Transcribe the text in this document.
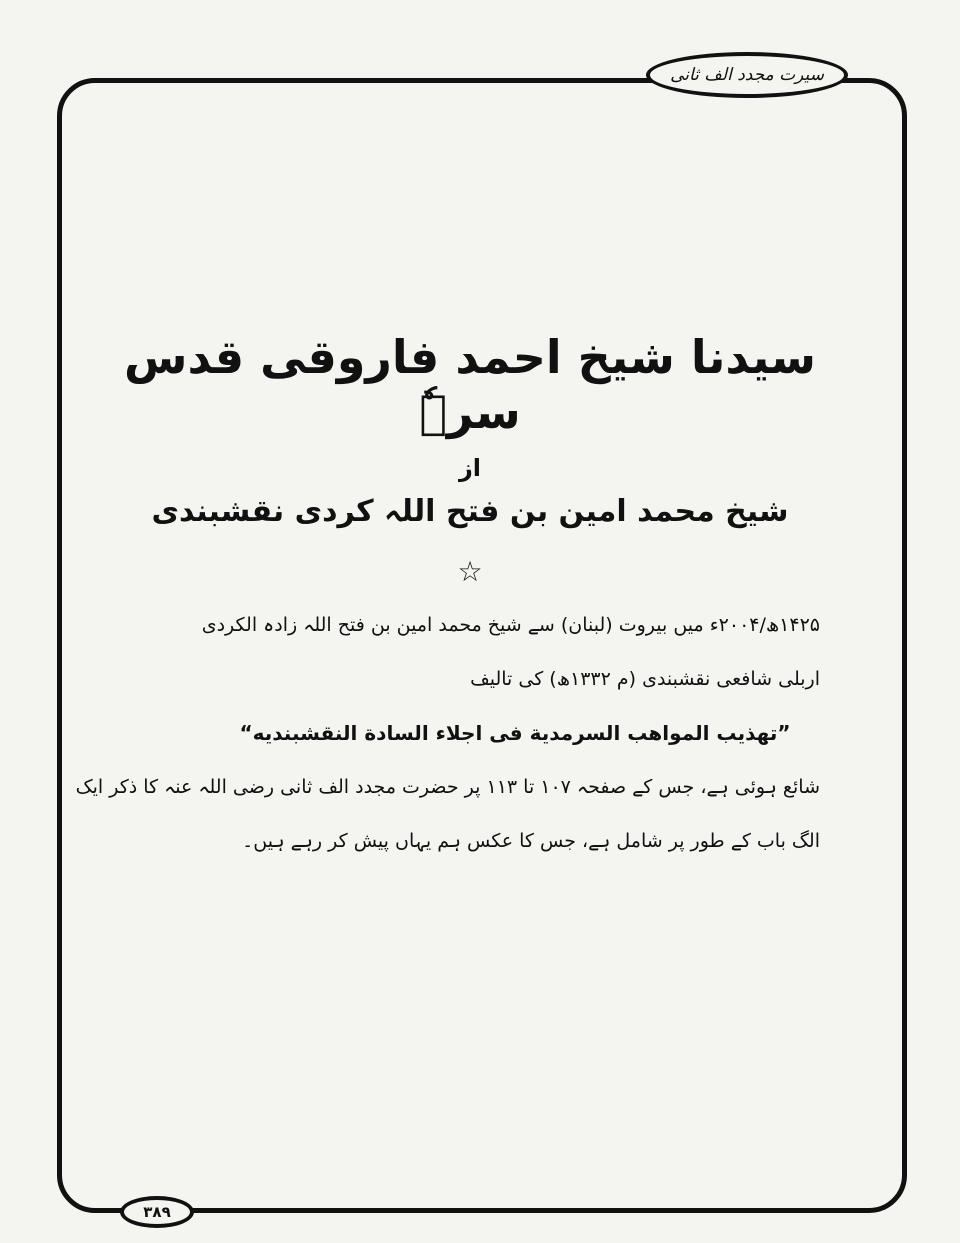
سیرت مجدد الف ثانی
سیدنا شیخ احمد فاروقی قدس سرہٗ
از
شیخ محمد امین بن فتح اللہ کردی نقشبندی
☆
۱۴۲۵ھ/۲۰۰۴ء میں بیروت (لبنان) سے شیخ محمد امین بن فتح اللہ زادہ الکردی
اربلی شافعی نقشبندی (م ۱۳۳۲ھ) کی تالیف
”تهذيب المواهب السرمدية فى اجلاء السادة النقشبنديه“
شائع ہوئی ہے، جس کے صفحہ ۱۰۷ تا ۱۱۳ پر حضرت مجدد الف ثانی رضی اللہ عنہ کا ذکر ایک
الگ باب کے طور پر شامل ہے، جس کا عکس ہم یہاں پیش کر رہے ہیں۔
۳۸۹
